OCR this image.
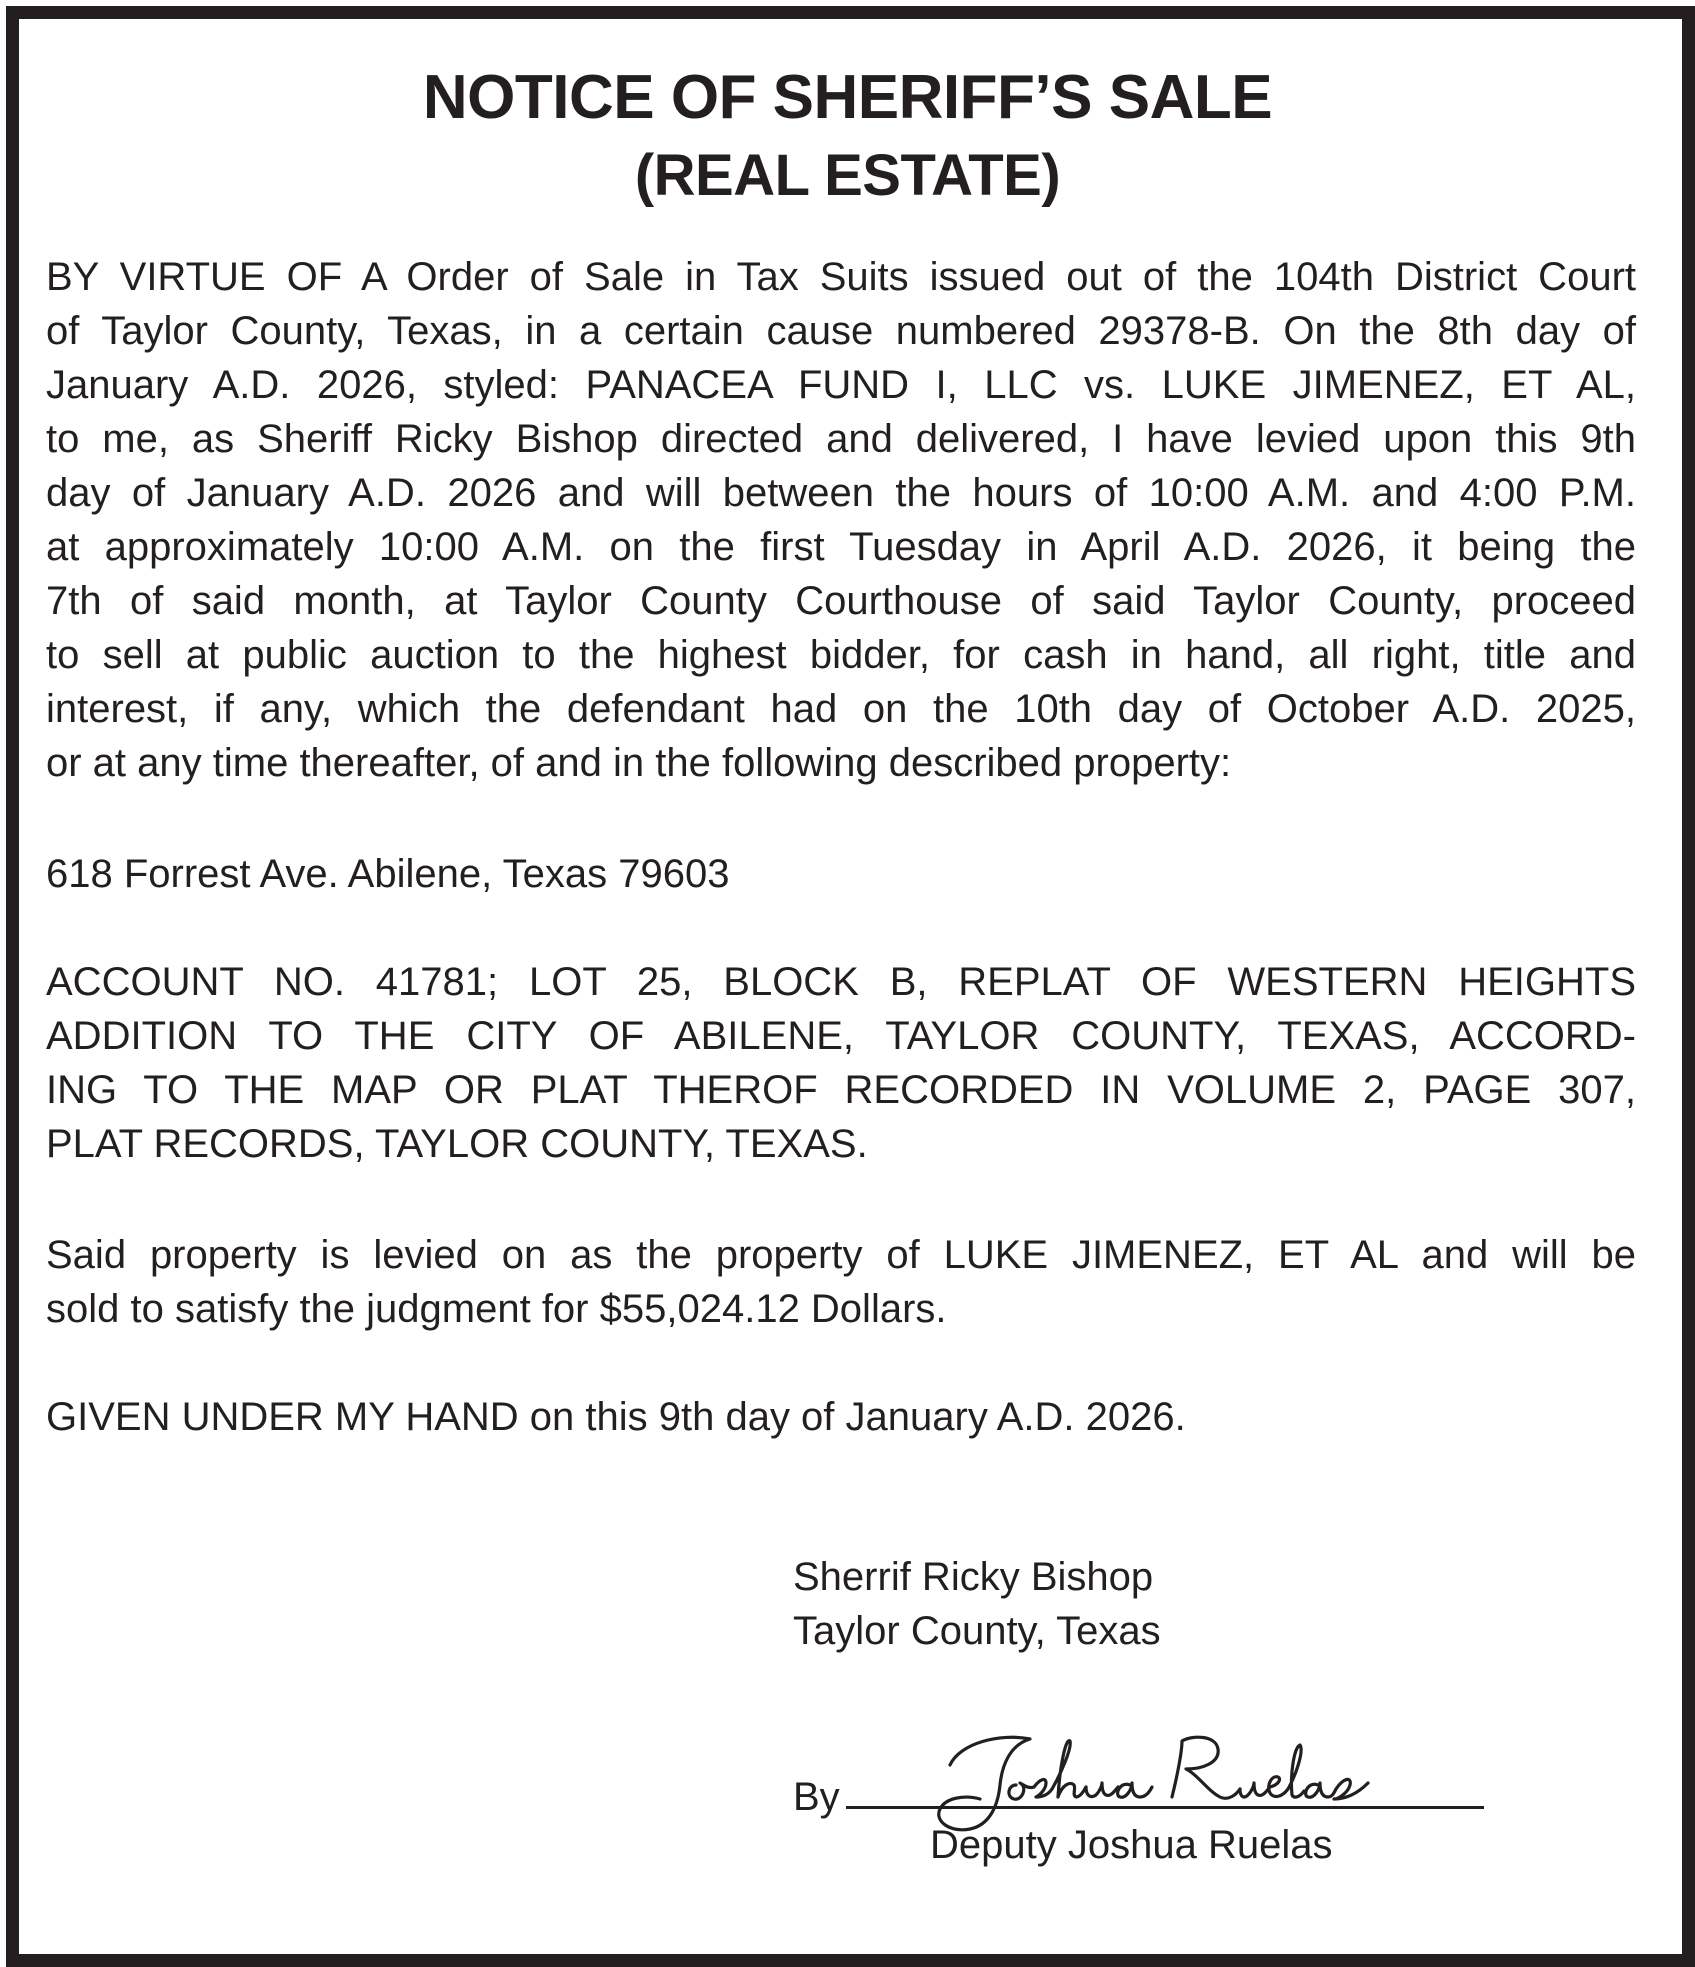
NOTICE OF SHERIFF’S SALE
(REAL ESTATE)
BY VIRTUE OF A Order of Sale in Tax Suits issued out of the 104th District Court
of Taylor County, Texas, in a certain cause numbered 29378-B. On the 8th day of
January A.D. 2026, styled: PANACEA FUND I, LLC vs. LUKE JIMENEZ, ET AL,
to me, as Sheriff Ricky Bishop directed and delivered, I have levied upon this 9th
day of January A.D. 2026 and will between the hours of 10:00 A.M. and 4:00 P.M.
at approximately 10:00 A.M. on the first Tuesday in April A.D. 2026, it being the
7th of said month, at Taylor County Courthouse of said Taylor County, proceed
to sell at public auction to the highest bidder, for cash in hand, all right, title and
interest, if any, which the defendant had on the 10th day of October A.D. 2025,
or at any time thereafter, of and in the following described property:
618 Forrest Ave. Abilene, Texas 79603
ACCOUNT NO. 41781; LOT 25, BLOCK B, REPLAT OF WESTERN HEIGHTS
ADDITION TO THE CITY OF ABILENE, TAYLOR COUNTY, TEXAS, ACCORD-
ING TO THE MAP OR PLAT THEROF RECORDED IN VOLUME 2, PAGE 307,
PLAT RECORDS, TAYLOR COUNTY, TEXAS.
Said property is levied on as the property of LUKE JIMENEZ, ET AL and will be
sold to satisfy the judgment for $55,024.12 Dollars.
GIVEN UNDER MY HAND on this 9th day of January A.D. 2026.
Sherrif Ricky Bishop
Taylor County, Texas
By
Deputy Joshua Ruelas
